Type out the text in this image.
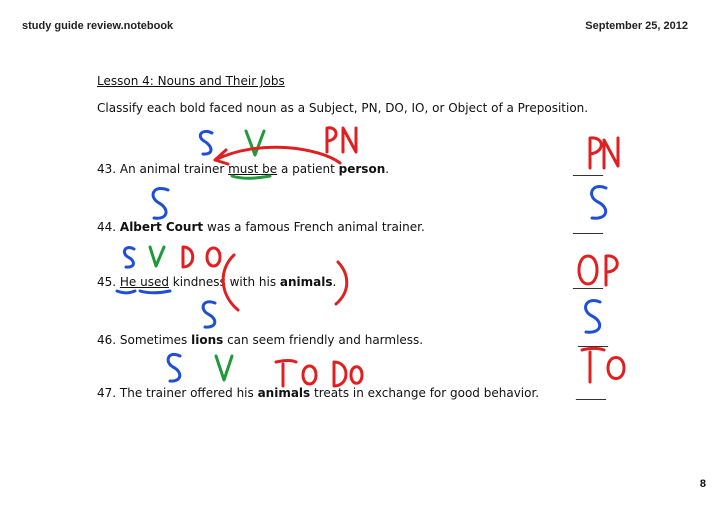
study guide review.notebook	September 25, 2012
Lesson 4: Nouns and Their Jobs
Classify each bold faced noun as a Subject, PN, DO, IO, or Object of a Preposition.
43. An animal trainer must be a patient person.	_____
44. Albert Court was a famous French animal trainer.	_____
45. He used kindness with his animals.	_____
46. Sometimes lions can seem friendly and harmless.	_____
47. The trainer offered his animals treats in exchange for good behavior.	_____
8
